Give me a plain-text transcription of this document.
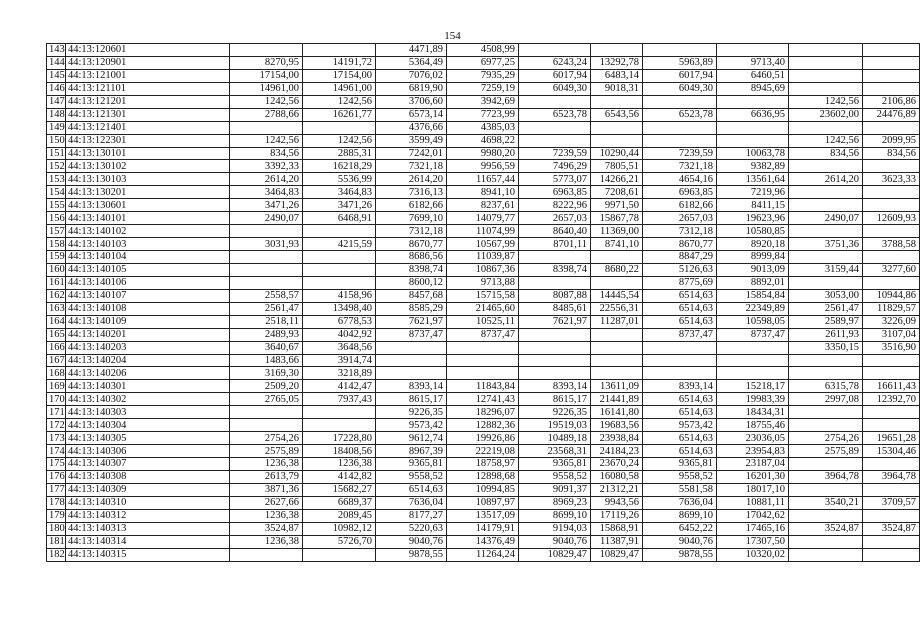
154
143	44:13:120601			4471,89	4508,99						
144	44:13:120901	8270,95	14191,72	5364,49	6977,25	6243,24	13292,78	5963,89	9713,40		
145	44:13:121001	17154,00	17154,00	7076,02	7935,29	6017,94	6483,14	6017,94	6460,51		
146	44:13:121101	14961,00	14961,00	6819,90	7259,19	6049,30	9018,31	6049,30	8945,69		
147	44:13:121201	1242,56	1242,56	3706,60	3942,69					1242,56	2106,86
148	44:13:121301	2788,66	16261,77	6573,14	7723,99	6523,78	6543,56	6523,78	6636,95	23602,00	24476,89
149	44:13:121401			4376,66	4385,03						
150	44:13:122301	1242,56	1242,56	3599,49	4698,22					1242,56	2099,95
151	44:13:130101	834,56	2885,31	7242,01	9980,20	7239,59	10290,44	7239,59	10063,78	834,56	834,56
152	44:13:130102	3392,33	16218,29	7321,18	9956,59	7496,29	7805,51	7321,18	9382,89		
153	44:13:130103	2614,20	5536,99	2614,20	11657,44	5773,07	14266,21	4654,16	13561,64	2614,20	3623,33
154	44:13:130201	3464,83	3464,83	7316,13	8941,10	6963,85	7208,61	6963,85	7219,96		
155	44:13:130601	3471,26	3471,26	6182,66	8237,61	8222,96	9971,50	6182,66	8411,15		
156	44:13:140101	2490,07	6468,91	7699,10	14079,77	2657,03	15867,78	2657,03	19623,96	2490,07	12609,93
157	44:13:140102			7312,18	11074,99	8640,40	11369,00	7312,18	10580,85		
158	44:13:140103	3031,93	4215,59	8670,77	10567,99	8701,11	8741,10	8670,77	8920,18	3751,36	3788,58
159	44:13:140104			8686,56	11039,87			8847,29	8999,84		
160	44:13:140105			8398,74	10867,36	8398,74	8680,22	5126,63	9013,09	3159,44	3277,60
161	44:13:140106			8600,12	9713,88			8775,69	8892,01		
162	44:13:140107	2558,57	4158,96	8457,68	15715,58	8087,88	14445,54	6514,63	15854,84	3053,00	10944,86
163	44:13:140108	2561,47	13498,40	8585,29	21465,60	8485,61	22556,31	6514,63	22349,89	2561,47	11829,57
164	44:13:140109	2518,11	6778,53	7621,97	10525,11	7621,97	11287,01	6514,63	10598,05	2589,97	3226,09
165	44:13:140201	2489,93	4042,92	8737,47	8737,47			8737,47	8737,47	2611,93	3107,04
166	44:13:140203	3640,67	3648,56							3350,15	3516,90
167	44:13:140204	1483,66	3914,74								
168	44:13:140206	3169,30	3218,89								
169	44:13:140301	2509,20	4142,47	8393,14	11843,84	8393,14	13611,09	8393,14	15218,17	6315,78	16611,43
170	44:13:140302	2765,05	7937,43	8615,17	12741,43	8615,17	21441,89	6514,63	19983,39	2997,08	12392,70
171	44:13:140303			9226,35	18296,07	9226,35	16141,80	6514,63	18434,31		
172	44:13:140304			9573,42	12882,36	19519,03	19683,56	9573,42	18755,46		
173	44:13:140305	2754,26	17228,80	9612,74	19926,86	10489,18	23938,84	6514,63	23036,05	2754,26	19651,28
174	44:13:140306	2575,89	18408,56	8967,39	22219,08	23568,31	24184,23	6514,63	23954,83	2575,89	15304,46
175	44:13:140307	1236,38	1236,38	9365,81	18758,97	9365,81	23670,24	9365,81	23187,04		
176	44:13:140308	2613,79	4142,82	9558,52	12898,68	9558,52	16080,58	9558,52	16201,30	3964,78	3964,78
177	44:13:140309	3871,36	15682,27	6514,63	10994,85	9091,37	21312,21	5581,58	18017,10		
178	44:13:140310	2627,66	6689,37	7636,04	10897,97	8969,23	9943,56	7636,04	10881,11	3540,21	3709,57
179	44:13:140312	1236,38	2089,45	8177,27	13517,09	8699,10	17119,26	8699,10	17042,62		
180	44:13:140313	3524,87	10982,12	5220,63	14179,91	9194,03	15868,91	6452,22	17465,16	3524,87	3524,87
181	44:13:140314	1236,38	5726,70	9040,76	14376,49	9040,76	11387,91	9040,76	17307,50		
182	44:13:140315			9878,55	11264,24	10829,47	10829,47	9878,55	10320,02		
